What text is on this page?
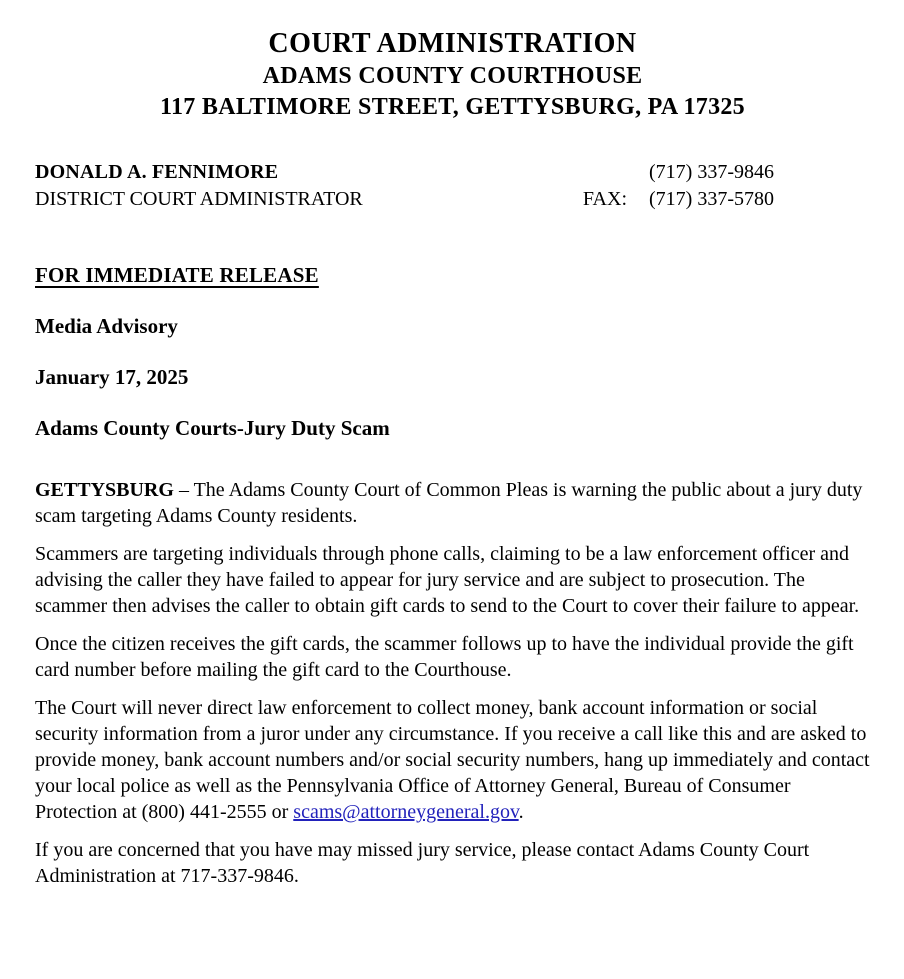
COURT ADMINISTRATION
ADAMS COUNTY COURTHOUSE
117 BALTIMORE STREET, GETTYSBURG, PA 17325
DONALD A. FENNIMORE
DISTRICT COURT ADMINISTRATOR
(717) 337-9846
FAX: (717) 337-5780
FOR IMMEDIATE RELEASE
Media Advisory
January 17, 2025
Adams County Courts-Jury Duty Scam

GETTYSBURG – The Adams County Court of Common Pleas is warning the public about a jury duty scam targeting Adams County residents.

Scammers are targeting individuals through phone calls, claiming to be a law enforcement officer and advising the caller they have failed to appear for jury service and are subject to prosecution. The scammer then advises the caller to obtain gift cards to send to the Court to cover their failure to appear.

Once the citizen receives the gift cards, the scammer follows up to have the individual provide the gift card number before mailing the gift card to the Courthouse.

The Court will never direct law enforcement to collect money, bank account information or social security information from a juror under any circumstance. If you receive a call like this and are asked to provide money, bank account numbers and/or social security numbers, hang up immediately and contact your local police as well as the Pennsylvania Office of Attorney General, Bureau of Consumer Protection at (800) 441-2555 or scams@attorneygeneral.gov.

If you are concerned that you have may missed jury service, please contact Adams County Court Administration at 717-337-9846.
